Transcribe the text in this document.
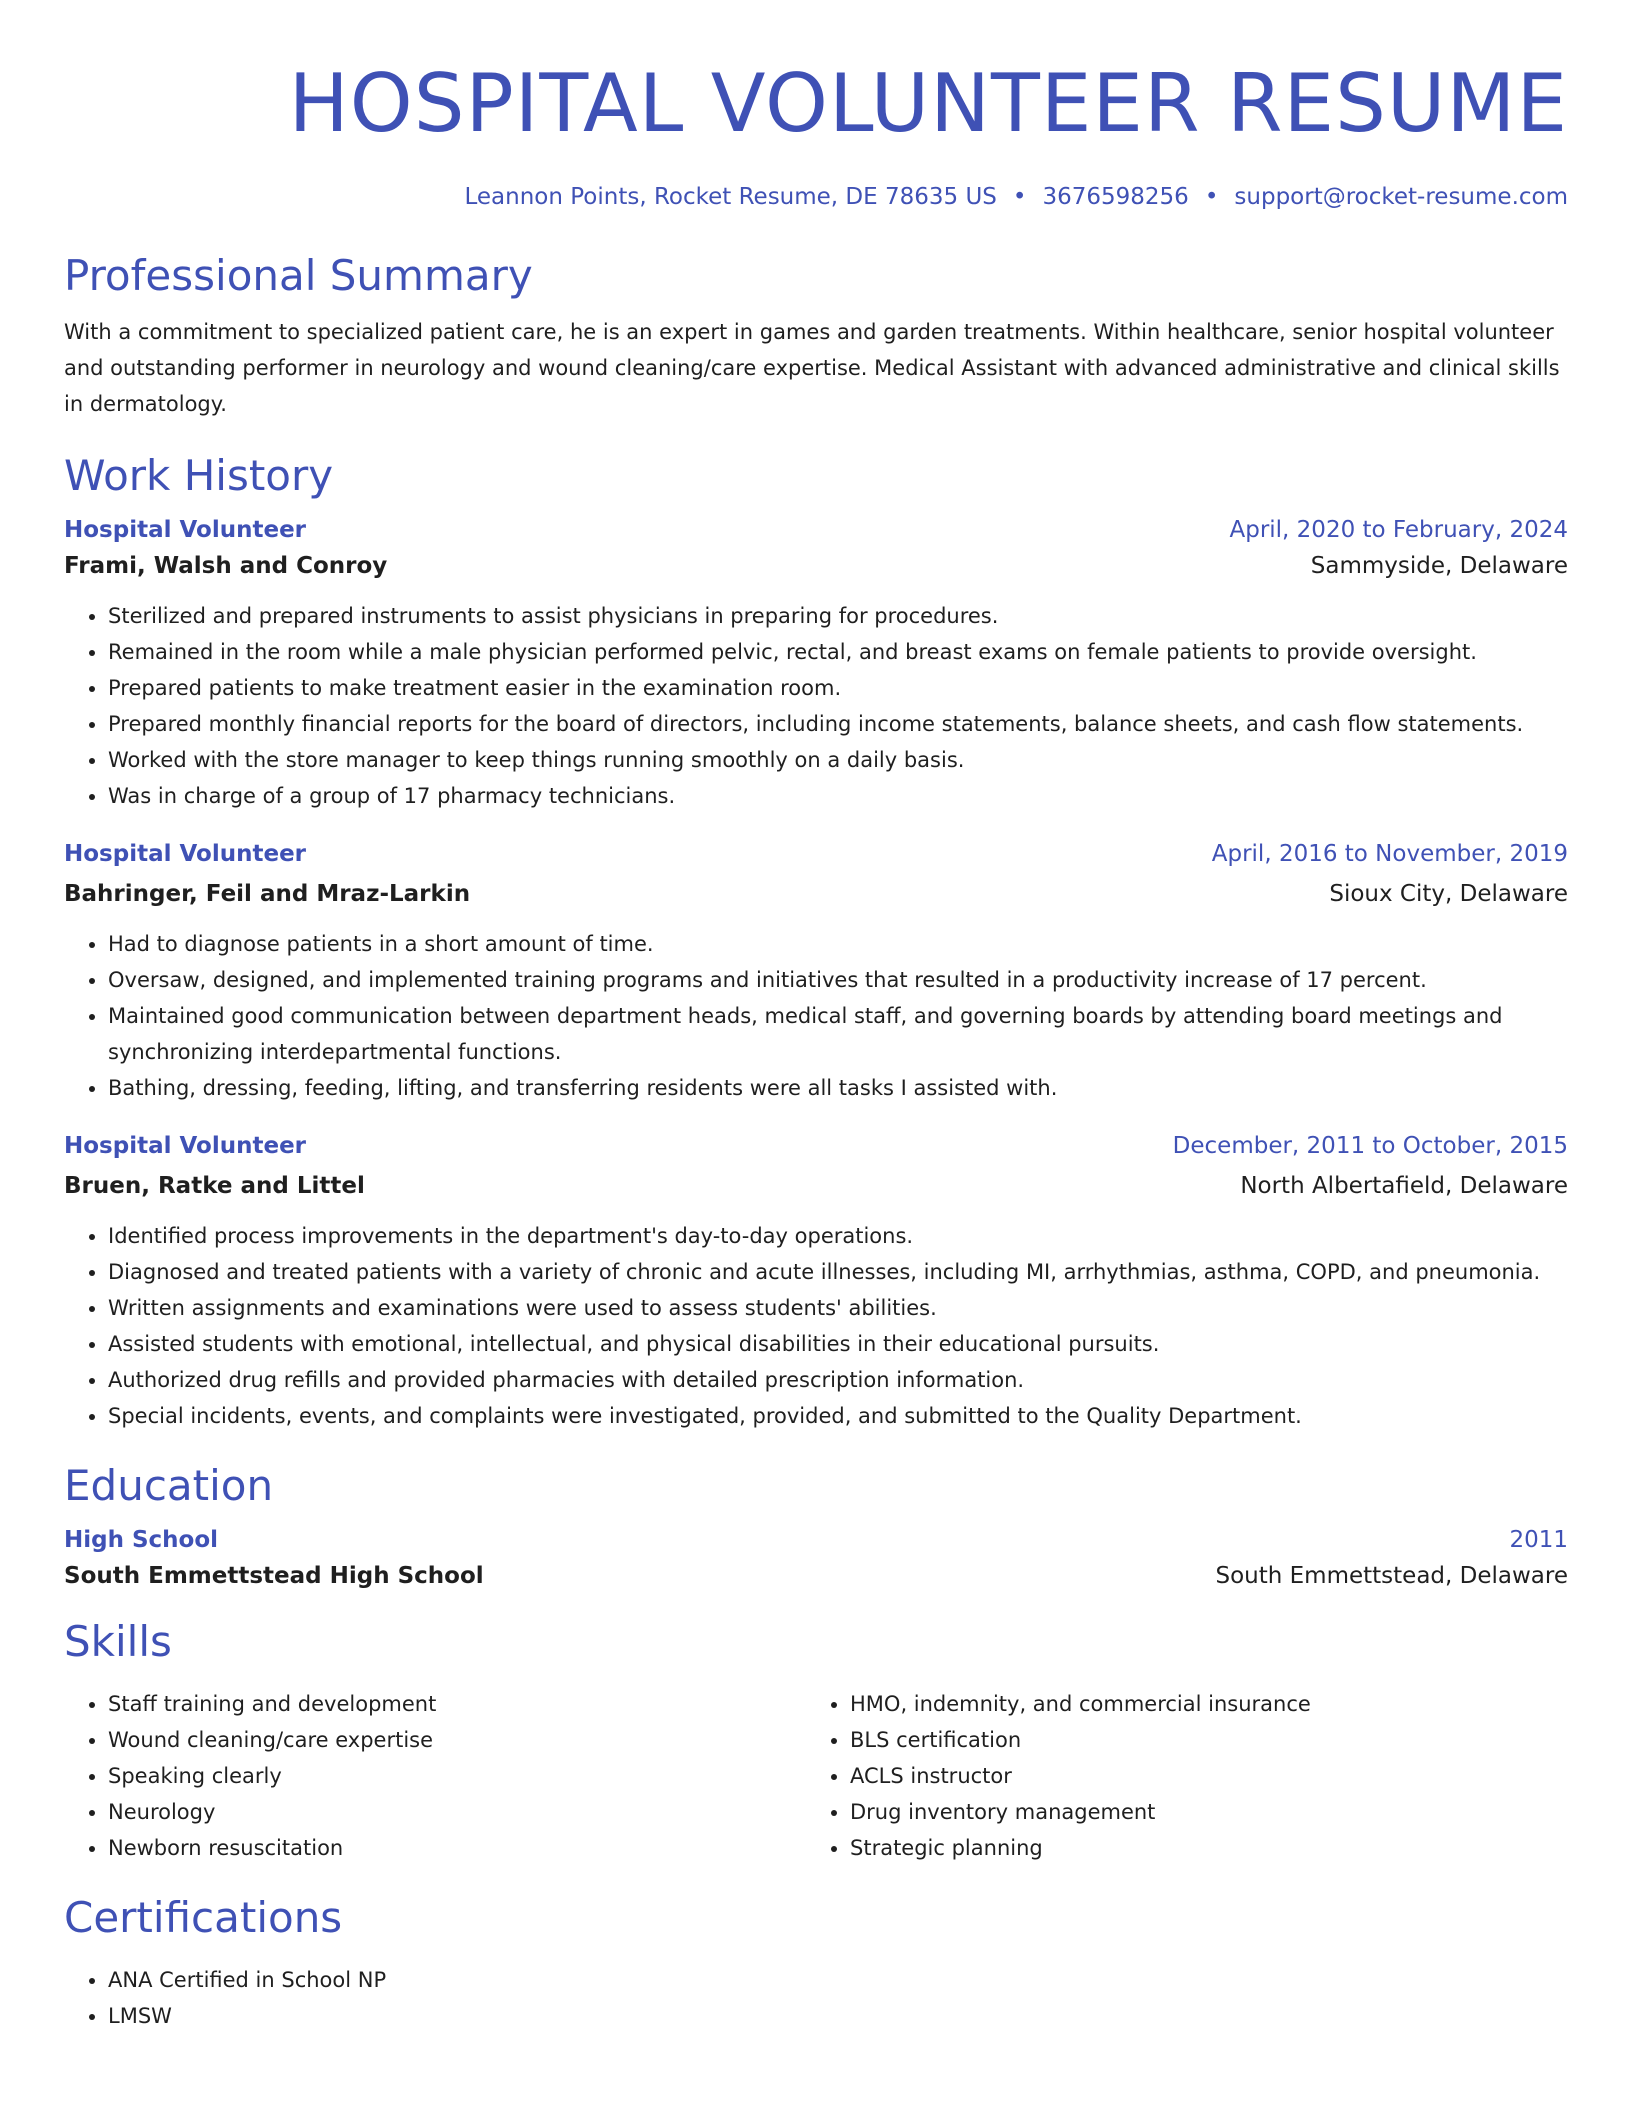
HOSPITAL VOLUNTEER RESUME
Leannon Points, Rocket Resume, DE 78635 US • 3676598256 • support@rocket-resume.com
Professional Summary

With a commitment to specialized patient care, he is an expert in games and garden treatments. Within healthcare, senior hospital volunteer and outstanding performer in neurology and wound cleaning/care expertise. Medical Assistant with advanced administrative and clinical skills in dermatology.

Work History
Hospital Volunteer	April, 2020 to February, 2024
Frami, Walsh and Conroy	Sammyside, Delaware
• Sterilized and prepared instruments to assist physicians in preparing for procedures.
• Remained in the room while a male physician performed pelvic, rectal, and breast exams on female patients to provide oversight.
• Prepared patients to make treatment easier in the examination room.
• Prepared monthly financial reports for the board of directors, including income statements, balance sheets, and cash flow statements.
• Worked with the store manager to keep things running smoothly on a daily basis.
• Was in charge of a group of 17 pharmacy technicians.
Hospital Volunteer	April, 2016 to November, 2019
Bahringer, Feil and Mraz-Larkin	Sioux City, Delaware
• Had to diagnose patients in a short amount of time.
• Oversaw, designed, and implemented training programs and initiatives that resulted in a productivity increase of 17 percent.
• Maintained good communication between department heads, medical staff, and governing boards by attending board meetings and synchronizing interdepartmental functions.
• Bathing, dressing, feeding, lifting, and transferring residents were all tasks I assisted with.
Hospital Volunteer	December, 2011 to October, 2015
Bruen, Ratke and Littel	North Albertafield, Delaware
• Identified process improvements in the department's day-to-day operations.
• Diagnosed and treated patients with a variety of chronic and acute illnesses, including MI, arrhythmias, asthma, COPD, and pneumonia.
• Written assignments and examinations were used to assess students' abilities.
• Assisted students with emotional, intellectual, and physical disabilities in their educational pursuits.
• Authorized drug refills and provided pharmacies with detailed prescription information.
• Special incidents, events, and complaints were investigated, provided, and submitted to the Quality Department.
Education
High School	2011
South Emmettstead High School	South Emmettstead, Delaware
Skills
• Staff training and development
• Wound cleaning/care expertise
• Speaking clearly
• Neurology
• Newborn resuscitation
• HMO, indemnity, and commercial insurance
• BLS certification
• ACLS instructor
• Drug inventory management
• Strategic planning
Certifications
• ANA Certified in School NP
• LMSW
